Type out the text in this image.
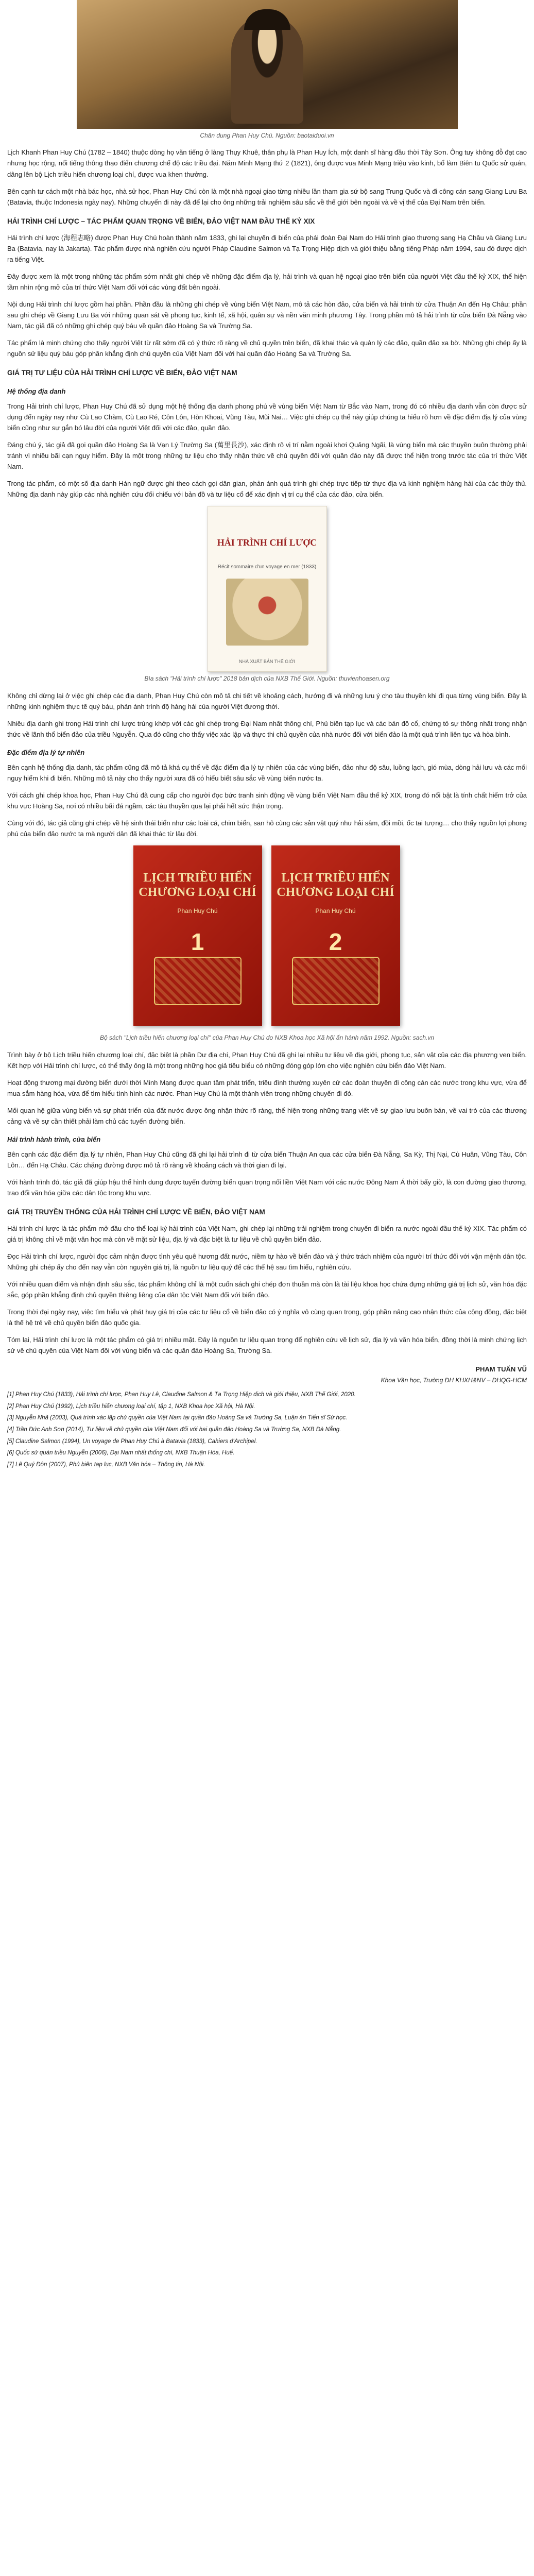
Chân dung Phan Huy Chú. Nguồn: baotaiduoi.vn

Lịch Khanh Phan Huy Chú (1782 – 1840) thuộc dòng họ văn tiếng ở làng Thụy Khuê, thân phụ là Phan Huy Ích, một danh sĩ hàng đầu thời Tây Sơn. Ông tuy không đỗ đạt cao nhưng học rộng, nổi tiếng thông thạo điển chương chế độ các triều đại. Năm Minh Mạng thứ 2 (1821), ông được vua Minh Mạng triệu vào kinh, bổ làm Biên tu Quốc sử quán, dâng lên bộ Lịch triều hiến chương loại chí, được vua khen thưởng.

Bên cạnh tư cách một nhà bác học, nhà sử học, Phan Huy Chú còn là một nhà ngoại giao từng nhiều lần tham gia sứ bộ sang Trung Quốc và đi công cán sang Giang Lưu Ba (Batavia, thuộc Indonesia ngày nay). Những chuyến đi này đã để lại cho ông những trải nghiệm sâu sắc về thế giới bên ngoài và về vị thế của Đại Nam trên biển.

HẢI TRÌNH CHÍ LƯỢC – TÁC PHẨM QUAN TRỌNG VỀ BIỂN, ĐẢO VIỆT NAM ĐẦU THẾ KỶ XIX

Hải trình chí lược (海程志略) được Phan Huy Chú hoàn thành năm 1833, ghi lại chuyến đi biển của phái đoàn Đại Nam do Hải trình giao thương sang Hạ Châu và Giang Lưu Ba (Batavia, nay là Jakarta). Tác phẩm được nhà nghiên cứu người Pháp Claudine Salmon và Tạ Trọng Hiệp dịch và giới thiệu bằng tiếng Pháp năm 1994, sau đó được dịch ra tiếng Việt.

Đây được xem là một trong những tác phẩm sớm nhất ghi chép về những đặc điểm địa lý, hải trình và quan hệ ngoại giao trên biển của người Việt đầu thế kỷ XIX, thể hiện tầm nhìn rộng mở của trí thức Việt Nam đối với các vùng đất bên ngoài.

Nội dung Hải trình chí lược gồm hai phần. Phần đầu là những ghi chép về vùng biển Việt Nam, mô tả các hòn đảo, cửa biển và hải trình từ cửa Thuận An đến Hạ Châu; phần sau ghi chép về Giang Lưu Ba với những quan sát về phong tục, kinh tế, xã hội, quân sự và nền văn minh phương Tây. Trong phần mô tả hải trình từ cửa biển Đà Nẵng vào Nam, tác giả đã có những ghi chép quý báu về quần đảo Hoàng Sa và Trường Sa.

Tác phẩm là minh chứng cho thấy người Việt từ rất sớm đã có ý thức rõ ràng về chủ quyền trên biển, đã khai thác và quản lý các đảo, quần đảo xa bờ. Những ghi chép ấy là nguồn sử liệu quý báu góp phần khẳng định chủ quyền của Việt Nam đối với hai quần đảo Hoàng Sa và Trường Sa.

GIÁ TRỊ TƯ LIỆU CỦA HẢI TRÌNH CHÍ LƯỢC VỀ BIỂN, ĐẢO VIỆT NAM
Hệ thống địa danh

Trong Hải trình chí lược, Phan Huy Chú đã sử dụng một hệ thống địa danh phong phú về vùng biển Việt Nam từ Bắc vào Nam, trong đó có nhiều địa danh vẫn còn được sử dụng đến ngày nay như Cù Lao Chàm, Cù Lao Ré, Côn Lôn, Hòn Khoai, Vũng Tàu, Mũi Nai… Việc ghi chép cụ thể này giúp chúng ta hiểu rõ hơn về đặc điểm địa lý của vùng biển cũng như sự gắn bó lâu đời của người Việt đối với các đảo, quần đảo.

Đáng chú ý, tác giả đã gọi quần đảo Hoàng Sa là Vạn Lý Trường Sa (萬里長沙), xác định rõ vị trí nằm ngoài khơi Quảng Ngãi, là vùng biển mà các thuyền buôn thường phải tránh vì nhiều bãi cạn nguy hiểm. Đây là một trong những tư liệu cho thấy nhận thức về chủ quyền đối với quần đảo này đã được thể hiện trong trước tác của trí thức Việt Nam.

Trong tác phẩm, có một số địa danh Hán ngữ được ghi theo cách gọi dân gian, phản ánh quá trình ghi chép trực tiếp từ thực địa và kinh nghiệm hàng hải của các thủy thủ. Những địa danh này giúp các nhà nghiên cứu đối chiếu với bản đồ và tư liệu cổ để xác định vị trí cụ thể của các đảo, cửa biển.

HẢI TRÌNH CHÍ LƯỢC
Récit sommaire d'un voyage en mer (1833)
NHÀ XUẤT BẢN THẾ GIỚI
Bìa sách "Hải trình chí lược" 2018 bản dịch của NXB Thế Giới. Nguồn: thuvienhoasen.org

Không chỉ dừng lại ở việc ghi chép các địa danh, Phan Huy Chú còn mô tả chi tiết về khoảng cách, hướng đi và những lưu ý cho tàu thuyền khi đi qua từng vùng biển. Đây là những kinh nghiệm thực tế quý báu, phản ánh trình độ hàng hải của người Việt đương thời.

Nhiều địa danh ghi trong Hải trình chí lược trùng khớp với các ghi chép trong Đại Nam nhất thống chí, Phủ biên tạp lục và các bản đồ cổ, chứng tỏ sự thống nhất trong nhận thức về lãnh thổ biển đảo của triều Nguyễn. Qua đó cũng cho thấy việc xác lập và thực thi chủ quyền của nhà nước đối với biển đảo là một quá trình liên tục và hòa bình.

Đặc điểm địa lý tự nhiên

Bên cạnh hệ thống địa danh, tác phẩm cũng đã mô tả khá cụ thể về đặc điểm địa lý tự nhiên của các vùng biển, đảo như độ sâu, luồng lạch, gió mùa, dòng hải lưu và các mối nguy hiểm khi đi biển. Những mô tả này cho thấy người xưa đã có hiểu biết sâu sắc về vùng biển nước ta.

Với cách ghi chép khoa học, Phan Huy Chú đã cung cấp cho người đọc bức tranh sinh động về vùng biển Việt Nam đầu thế kỷ XIX, trong đó nổi bật là tính chất hiểm trở của khu vực Hoàng Sa, nơi có nhiều bãi đá ngầm, các tàu thuyền qua lại phải hết sức thận trọng.

Cùng với đó, tác giả cũng ghi chép về hệ sinh thái biển như các loài cá, chim biển, san hô cùng các sản vật quý như hải sâm, đồi mồi, ốc tai tượng… cho thấy nguồn lợi phong phú của biển đảo nước ta mà người dân đã khai thác từ lâu đời.

LỊCH TRIỀU HIẾN CHƯƠNG LOẠI CHÍ
Phan Huy Chú
1
LỊCH TRIỀU HIẾN CHƯƠNG LOẠI CHÍ
Phan Huy Chú
2
Bộ sách "Lịch triều hiến chương loại chí" của Phan Huy Chú do NXB Khoa học Xã hội ấn hành năm 1992. Nguồn: sach.vn

Trình bày ở bộ Lịch triều hiến chương loại chí, đặc biệt là phần Dư địa chí, Phan Huy Chú đã ghi lại nhiều tư liệu về địa giới, phong tục, sản vật của các địa phương ven biển. Kết hợp với Hải trình chí lược, có thể thấy ông là một trong những học giả tiêu biểu có những đóng góp lớn cho việc nghiên cứu biển đảo Việt Nam.

Hoạt động thương mại đường biển dưới thời Minh Mạng được quan tâm phát triển, triều đình thường xuyên cử các đoàn thuyền đi công cán các nước trong khu vực, vừa để mua sắm hàng hóa, vừa để tìm hiểu tình hình các nước. Phan Huy Chú là một thành viên trong những chuyến đi đó.

Mối quan hệ giữa vùng biển và sự phát triển của đất nước được ông nhận thức rõ ràng, thể hiện trong những trang viết về sự giao lưu buôn bán, về vai trò của các thương cảng và về sự cần thiết phải làm chủ các tuyến đường biển.

Hải trình hành trình, cửa biển

Bên cạnh các đặc điểm địa lý tự nhiên, Phan Huy Chú cũng đã ghi lại hải trình đi từ cửa biển Thuận An qua các cửa biển Đà Nẵng, Sa Kỳ, Thị Nại, Cù Huân, Vũng Tàu, Côn Lôn… đến Hạ Châu. Các chặng đường được mô tả rõ ràng về khoảng cách và thời gian đi lại.

Với hành trình đó, tác giả đã giúp hậu thế hình dung được tuyến đường biển quan trọng nối liền Việt Nam với các nước Đông Nam Á thời bấy giờ, là con đường giao thương, trao đổi văn hóa giữa các dân tộc trong khu vực.

GIÁ TRỊ TRUYỀN THỐNG CỦA HẢI TRÌNH CHÍ LƯỢC VỀ BIỂN, ĐẢO VIỆT NAM

Hải trình chí lược là tác phẩm mở đầu cho thể loại ký hải trình của Việt Nam, ghi chép lại những trải nghiệm trong chuyến đi biển ra nước ngoài đầu thế kỷ XIX. Tác phẩm có giá trị không chỉ về mặt văn học mà còn về mặt sử liệu, địa lý và đặc biệt là tư liệu về chủ quyền biển đảo.

Đọc Hải trình chí lược, người đọc cảm nhận được tình yêu quê hương đất nước, niềm tự hào về biển đảo và ý thức trách nhiệm của người trí thức đối với vận mệnh dân tộc. Những ghi chép ấy cho đến nay vẫn còn nguyên giá trị, là nguồn tư liệu quý để các thế hệ sau tìm hiểu, nghiên cứu.

Với nhiều quan điểm và nhận định sâu sắc, tác phẩm không chỉ là một cuốn sách ghi chép đơn thuần mà còn là tài liệu khoa học chứa đựng những giá trị lịch sử, văn hóa đặc sắc, góp phần khẳng định chủ quyền thiêng liêng của dân tộc Việt Nam đối với biển đảo.

Trong thời đại ngày nay, việc tìm hiểu và phát huy giá trị của các tư liệu cổ về biển đảo có ý nghĩa vô cùng quan trọng, góp phần nâng cao nhận thức của cộng đồng, đặc biệt là thế hệ trẻ về chủ quyền biển đảo quốc gia.

Tóm lại, Hải trình chí lược là một tác phẩm có giá trị nhiều mặt. Đây là nguồn tư liệu quan trọng để nghiên cứu về lịch sử, địa lý và văn hóa biển, đồng thời là minh chứng lịch sử về chủ quyền của Việt Nam đối với vùng biển và các quần đảo Hoàng Sa, Trường Sa.

PHAM TUẤN VŨ
Khoa Văn học, Trường ĐH KHXH&NV – ĐHQG-HCM

[1] Phan Huy Chú (1833), Hải trình chí lược, Phan Huy Lê, Claudine Salmon & Tạ Trọng Hiệp dịch và giới thiệu, NXB Thế Giới, 2020.

[2] Phan Huy Chú (1992), Lịch triều hiến chương loại chí, tập 1, NXB Khoa học Xã hội, Hà Nội.

[3] Nguyễn Nhã (2003), Quá trình xác lập chủ quyền của Việt Nam tại quần đảo Hoàng Sa và Trường Sa, Luận án Tiến sĩ Sử học.

[4] Trần Đức Anh Sơn (2014), Tư liệu về chủ quyền của Việt Nam đối với hai quần đảo Hoàng Sa và Trường Sa, NXB Đà Nẵng.

[5] Claudine Salmon (1994), Un voyage de Phan Huy Chú à Batavia (1833), Cahiers d'Archipel.

[6] Quốc sử quán triều Nguyễn (2006), Đại Nam nhất thống chí, NXB Thuận Hóa, Huế.

[7] Lê Quý Đôn (2007), Phủ biên tạp lục, NXB Văn hóa – Thông tin, Hà Nội.
